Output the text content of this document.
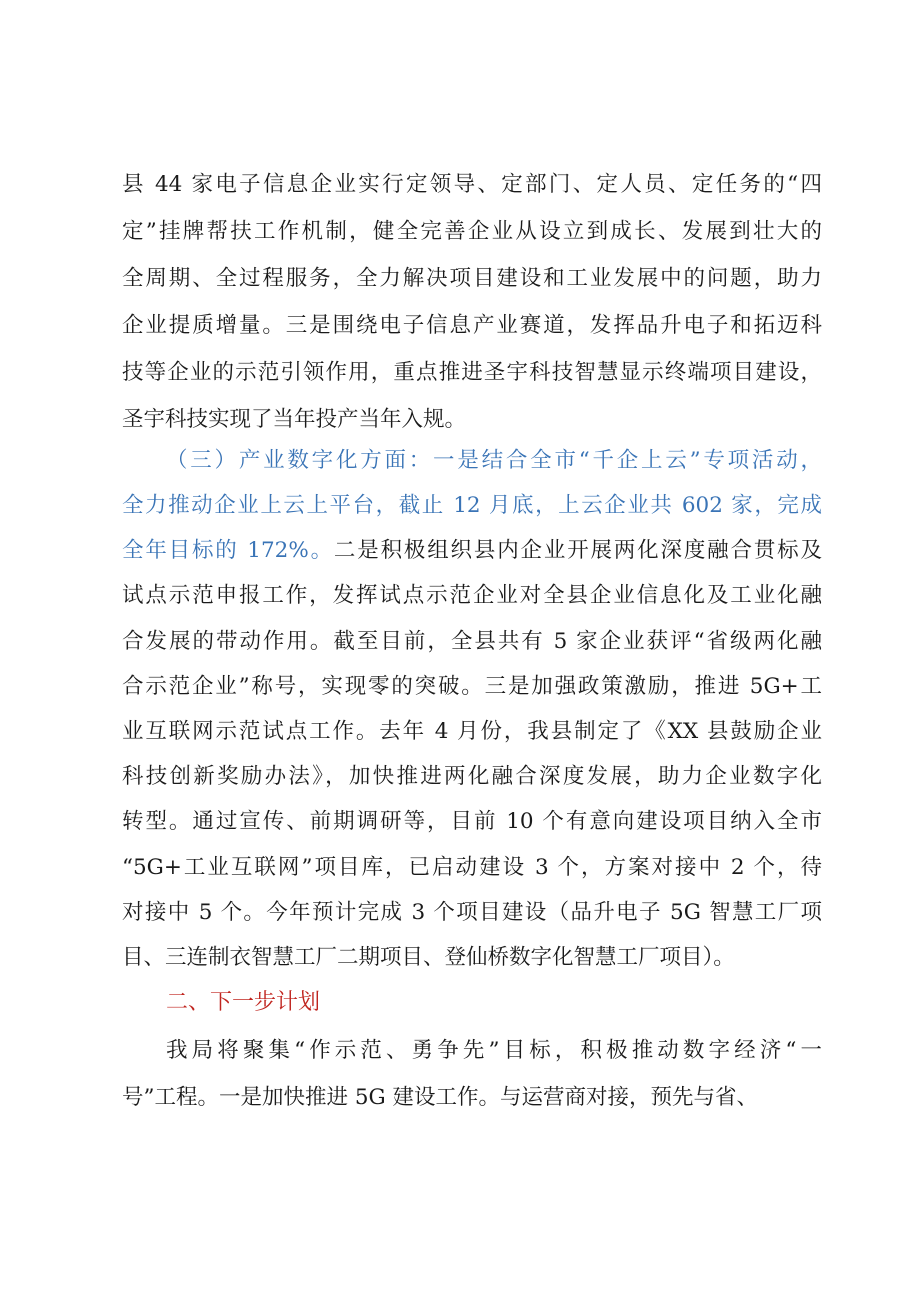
县 44 家电子信息企业实行定领导、定部门、定人员、定任务的“四
定”挂牌帮扶工作机制，健全完善企业从设立到成长、发展到壮大的
全周期、全过程服务，全力解决项目建设和工业发展中的问题，助力
企业提质增量。三是围绕电子信息产业赛道，发挥品升电子和拓迈科
技等企业的示范引领作用，重点推进圣宇科技智慧显示终端项目建设，
圣宇科技实现了当年投产当年入规。
（三）产业数字化方面：一是结合全市“千企上云”专项活动，
全力推动企业上云上平台，截止 12 月底，上云企业共 602 家，完成
全年目标的 172%。二是积极组织县内企业开展两化深度融合贯标及
试点示范申报工作，发挥试点示范企业对全县企业信息化及工业化融
合发展的带动作用。截至目前，全县共有 5 家企业获评“省级两化融
合示范企业”称号，实现零的突破。三是加强政策激励，推进 5G+工
业互联网示范试点工作。去年 4 月份，我县制定了《XX 县鼓励企业
科技创新奖励办法》，加快推进两化融合深度发展，助力企业数字化
转型。通过宣传、前期调研等，目前 10 个有意向建设项目纳入全市
“5G+工业互联网”项目库，已启动建设 3 个，方案对接中 2 个，待
对接中 5 个。今年预计完成 3 个项目建设（品升电子 5G 智慧工厂项
目、三连制衣智慧工厂二期项目、登仙桥数字化智慧工厂项目）。
二、下一步计划
我局将聚集“作示范、勇争先”目标，积极推动数字经济“一
号”工程。一是加快推进 5G 建设工作。与运营商对接，预先与省、
